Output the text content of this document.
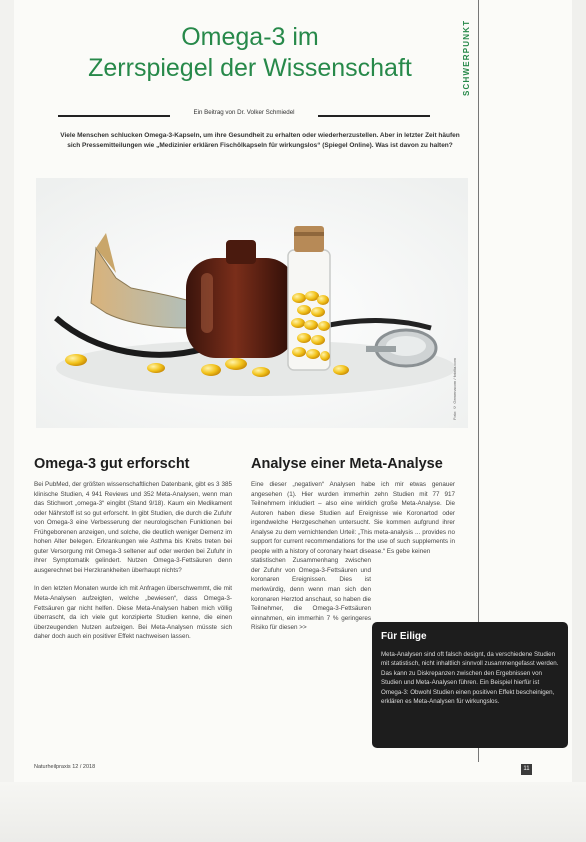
Omega-3 im
Zerrspiegel der Wissenschaft
Ein Beitrag von Dr. Volker Schmiedel
SCHWERPUNKT
Viele Menschen schlucken Omega-3-Kapseln, um ihre Gesundheit zu erhalten oder wiederherzustellen. Aber in letzter Zeit häufen sich Pressemitteilungen wie „Medizinier erklären Fischölkapseln für wirkungslos“ (Spiegel Online). Was ist davon zu halten?
Foto: © Gemenacom / fotolia.com
Omega-3 gut erforscht	Analyse einer Meta-Analyse

Bei PubMed, der größten wissenschaftlichen Datenbank, gibt es 3 385 klinische Studien, 4 941 Reviews und 352 Meta-Analysen, wenn man das Stichwort „omega-3“ eingibt (Stand 9/18). Kaum ein Medikament oder Nährstoff ist so gut erforscht. In gibt Studien, die durch die Zufuhr von Omega-3 eine Verbesserung der neurologischen Funktionen bei Frühgeborenen anzeigen, und solche, die deutlich weniger Demenz im hohen Alter belegen. Erkrankungen wie Asthma bis Krebs treten bei guter Versorgung mit Omega-3 seltener auf oder werden bei Zufuhr in ihrer Symptomatik gelindert. Nutzen Omega-3-Fettsäuren denn ausgerechnet bei Herzkrankheiten überhaupt nichts?

In den letzten Monaten wurde ich mit Anfragen überschwemmt, die mit Meta-Analysen aufzeigten, welche „bewiesen“, dass Omega-3-Fettsäuren gar nicht helfen. Diese Meta-Analysen haben mich völlig überrascht, da ich viele gut konzipierte Studien kenne, die einen überzeugenden Nutzen aufzeigen. Bei Meta-Analysen müsste sich daher doch auch ein positiver Effekt nachweisen lassen.

Eine dieser „negativen“ Analysen habe ich mir etwas genauer angesehen (1). Hier wurden immerhin zehn Studien mit 77 917 Teilnehmern inkludiert – also eine wirklich große Meta-Analyse. Die Autoren haben diese Studien auf Ereignisse wie Koronartod oder irgendwelche Herzgeschehen untersucht. Sie kommen aufgrund ihrer Analyse zu dem vernichtenden Urteil: „This meta-analysis ... provides no support for current recommendations for the use of such supplements in people with a history of coronary heart disease.“ Es gebe keinen

statistischen Zusammenhang zwischen der Zufuhr von Omega-3-Fettsäuren und koronaren Ereignissen. Dies ist merkwürdig, denn wenn man sich den koronaren Herztod anschaut, so haben die Teilnehmer, die Omega-3-Fettsäuren einnahmen, ein immerhin 7 % geringeres Risiko für diesen >>

Für Eilige

Meta-Analysen sind oft falsch designt, da verschiedene Studien mit statistisch, nicht inhaltlich sinnvoll zusammengefasst werden. Das kann zu Diskrepanzen zwischen den Ergebnissen von Studien und Meta-Analysen führen. Ein Beispiel hierfür ist Omega-3: Obwohl Studien einen positiven Effekt bescheinigen, erklären es Meta-Analysen für wirkungslos.

Naturheilpraxis 12 / 2018	11
